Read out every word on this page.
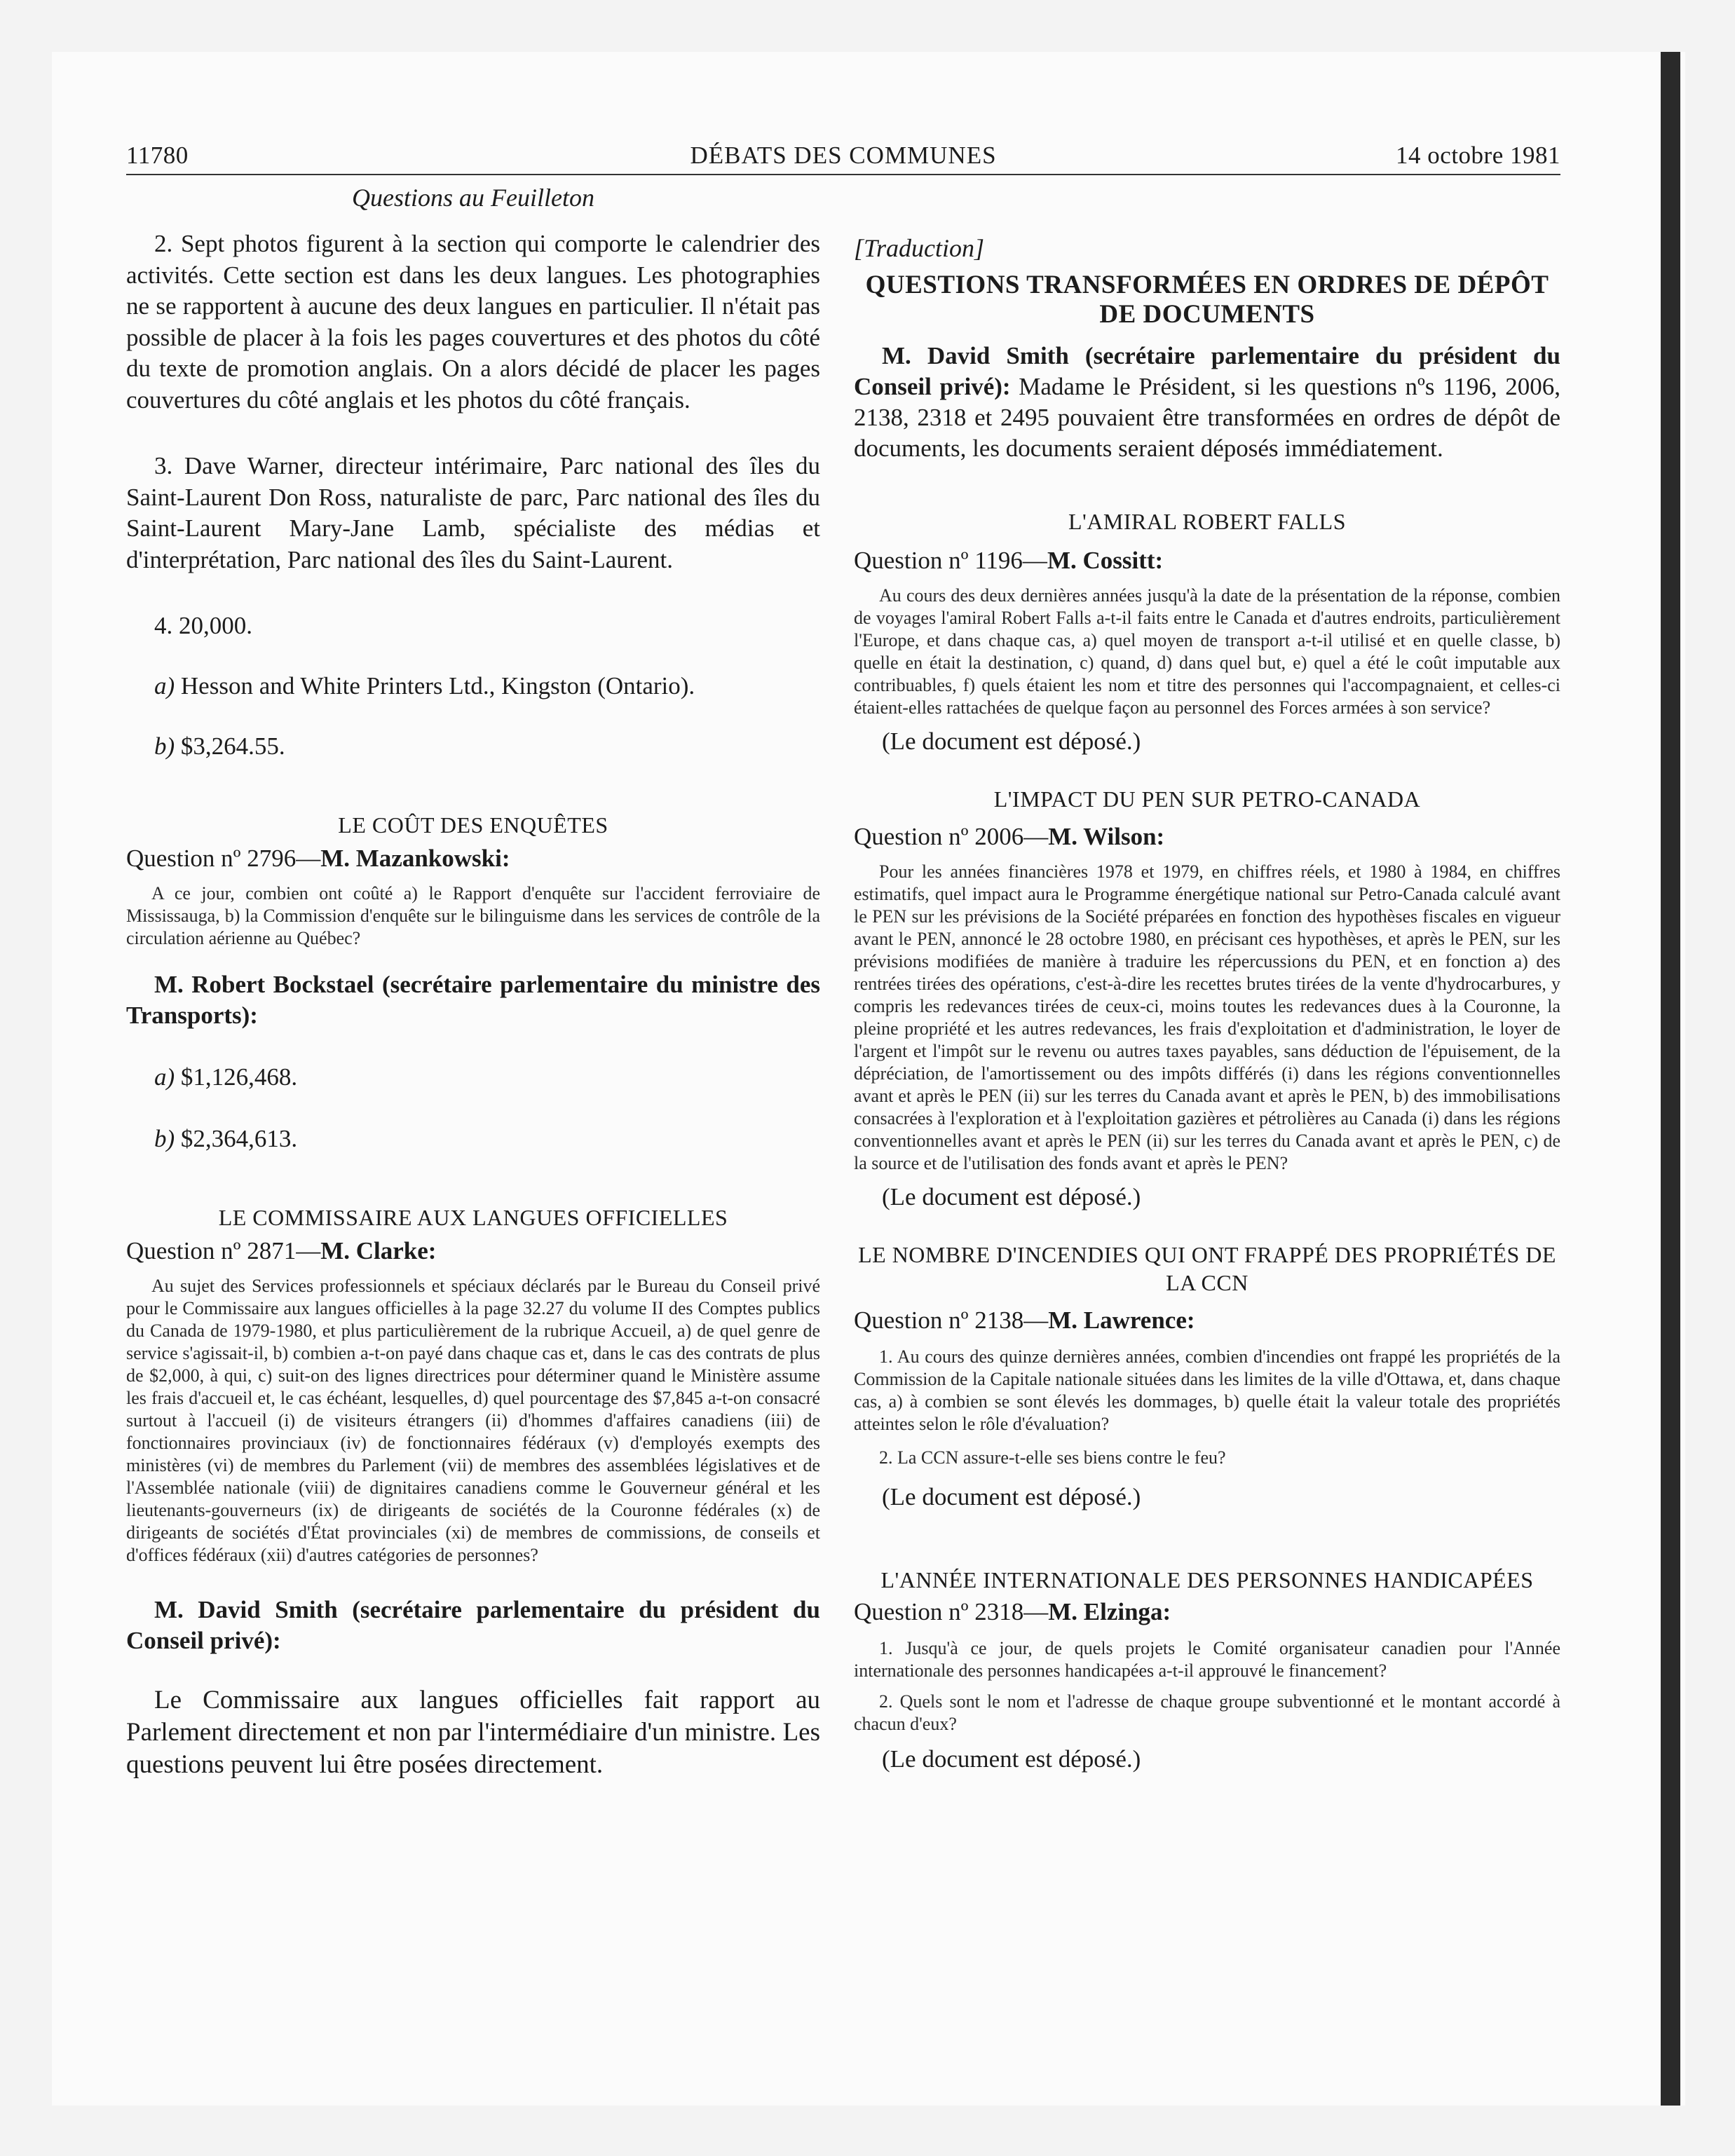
11780	DÉBATS DES COMMUNES	14 octobre 1981

Questions au Feuilleton

2. Sept photos figurent à la section qui comporte le calendrier des activités. Cette section est dans les deux langues. Les photographies ne se rapportent à aucune des deux langues en particulier. Il n'était pas possible de placer à la fois les pages couvertures et des photos du côté du texte de promotion anglais. On a alors décidé de placer les pages couvertures du côté anglais et les photos du côté français.

3. Dave Warner, directeur intérimaire, Parc national des îles du Saint-Laurent Don Ross, naturaliste de parc, Parc national des îles du Saint-Laurent Mary-Jane Lamb, spécialiste des médias et d'interprétation, Parc national des îles du Saint-Laurent.

4. 20,000.

a) Hesson and White Printers Ltd., Kingston (Ontario).

b) $3,264.55.

LE COÛT DES ENQUÊTES

Question nº 2796—M. Mazankowski:

A ce jour, combien ont coûté a) le Rapport d'enquête sur l'accident ferroviaire de Mississauga, b) la Commission d'enquête sur le bilinguisme dans les services de contrôle de la circulation aérienne au Québec?

M. Robert Bockstael (secrétaire parlementaire du ministre des Transports):

a) $1,126,468.

b) $2,364,613.

LE COMMISSAIRE AUX LANGUES OFFICIELLES

Question nº 2871—M. Clarke:

Au sujet des Services professionnels et spéciaux déclarés par le Bureau du Conseil privé pour le Commissaire aux langues officielles à la page 32.27 du volume II des Comptes publics du Canada de 1979-1980, et plus particulièrement de la rubrique Accueil, a) de quel genre de service s'agissait-il, b) combien a-t-on payé dans chaque cas et, dans le cas des contrats de plus de $2,000, à qui, c) suit-on des lignes directrices pour déterminer quand le Ministère assume les frais d'accueil et, le cas échéant, lesquelles, d) quel pourcentage des $7,845 a-t-on consacré surtout à l'accueil (i) de visiteurs étrangers (ii) d'hommes d'affaires canadiens (iii) de fonctionnaires provinciaux (iv) de fonctionnaires fédéraux (v) d'employés exempts des ministères (vi) de membres du Parlement (vii) de membres des assemblées législatives et de l'Assemblée nationale (viii) de dignitaires canadiens comme le Gouverneur général et les lieutenants-gouverneurs (ix) de dirigeants de sociétés de la Couronne fédérales (x) de dirigeants de sociétés d'État provinciales (xi) de membres de commissions, de conseils et d'offices fédéraux (xii) d'autres catégories de personnes?

M. David Smith (secrétaire parlementaire du président du Conseil privé):

Le Commissaire aux langues officielles fait rapport au Parlement directement et non par l'intermédiaire d'un ministre. Les questions peuvent lui être posées directement.

[Traduction]

QUESTIONS TRANSFORMÉES EN ORDRES DE DÉPÔT DE DOCUMENTS

M. David Smith (secrétaire parlementaire du président du Conseil privé): Madame le Président, si les questions nºs 1196, 2006, 2138, 2318 et 2495 pouvaient être transformées en ordres de dépôt de documents, les documents seraient déposés immédiatement.

L'AMIRAL ROBERT FALLS

Question nº 1196—M. Cossitt:

Au cours des deux dernières années jusqu'à la date de la présentation de la réponse, combien de voyages l'amiral Robert Falls a-t-il faits entre le Canada et d'autres endroits, particulièrement l'Europe, et dans chaque cas, a) quel moyen de transport a-t-il utilisé et en quelle classe, b) quelle en était la destination, c) quand, d) dans quel but, e) quel a été le coût imputable aux contribuables, f) quels étaient les nom et titre des personnes qui l'accompagnaient, et celles-ci étaient-elles rattachées de quelque façon au personnel des Forces armées à son service?

(Le document est déposé.)

L'IMPACT DU PEN SUR PETRO-CANADA

Question nº 2006—M. Wilson:

Pour les années financières 1978 et 1979, en chiffres réels, et 1980 à 1984, en chiffres estimatifs, quel impact aura le Programme énergétique national sur Petro-Canada calculé avant le PEN sur les prévisions de la Société préparées en fonction des hypothèses fiscales en vigueur avant le PEN, annoncé le 28 octobre 1980, en précisant ces hypothèses, et après le PEN, sur les prévisions modifiées de manière à traduire les répercussions du PEN, et en fonction a) des rentrées tirées des opérations, c'est-à-dire les recettes brutes tirées de la vente d'hydrocarbures, y compris les redevances tirées de ceux-ci, moins toutes les redevances dues à la Couronne, la pleine propriété et les autres redevances, les frais d'exploitation et d'administration, le loyer de l'argent et l'impôt sur le revenu ou autres taxes payables, sans déduction de l'épuisement, de la dépréciation, de l'amortissement ou des impôts différés (i) dans les régions conventionnelles avant et après le PEN (ii) sur les terres du Canada avant et après le PEN, b) des immobilisations consacrées à l'exploration et à l'exploitation gazières et pétrolières au Canada (i) dans les régions conventionnelles avant et après le PEN (ii) sur les terres du Canada avant et après le PEN, c) de la source et de l'utilisation des fonds avant et après le PEN?

(Le document est déposé.)

LE NOMBRE D'INCENDIES QUI ONT FRAPPÉ DES PROPRIÉTÉS DE LA CCN

Question nº 2138—M. Lawrence:

1. Au cours des quinze dernières années, combien d'incendies ont frappé les propriétés de la Commission de la Capitale nationale situées dans les limites de la ville d'Ottawa, et, dans chaque cas, a) à combien se sont élevés les dommages, b) quelle était la valeur totale des propriétés atteintes selon le rôle d'évaluation?

2. La CCN assure-t-elle ses biens contre le feu?

(Le document est déposé.)

L'ANNÉE INTERNATIONALE DES PERSONNES HANDICAPÉES

Question nº 2318—M. Elzinga:

1. Jusqu'à ce jour, de quels projets le Comité organisateur canadien pour l'Année internationale des personnes handicapées a-t-il approuvé le financement?

2. Quels sont le nom et l'adresse de chaque groupe subventionné et le montant accordé à chacun d'eux?

(Le document est déposé.)
